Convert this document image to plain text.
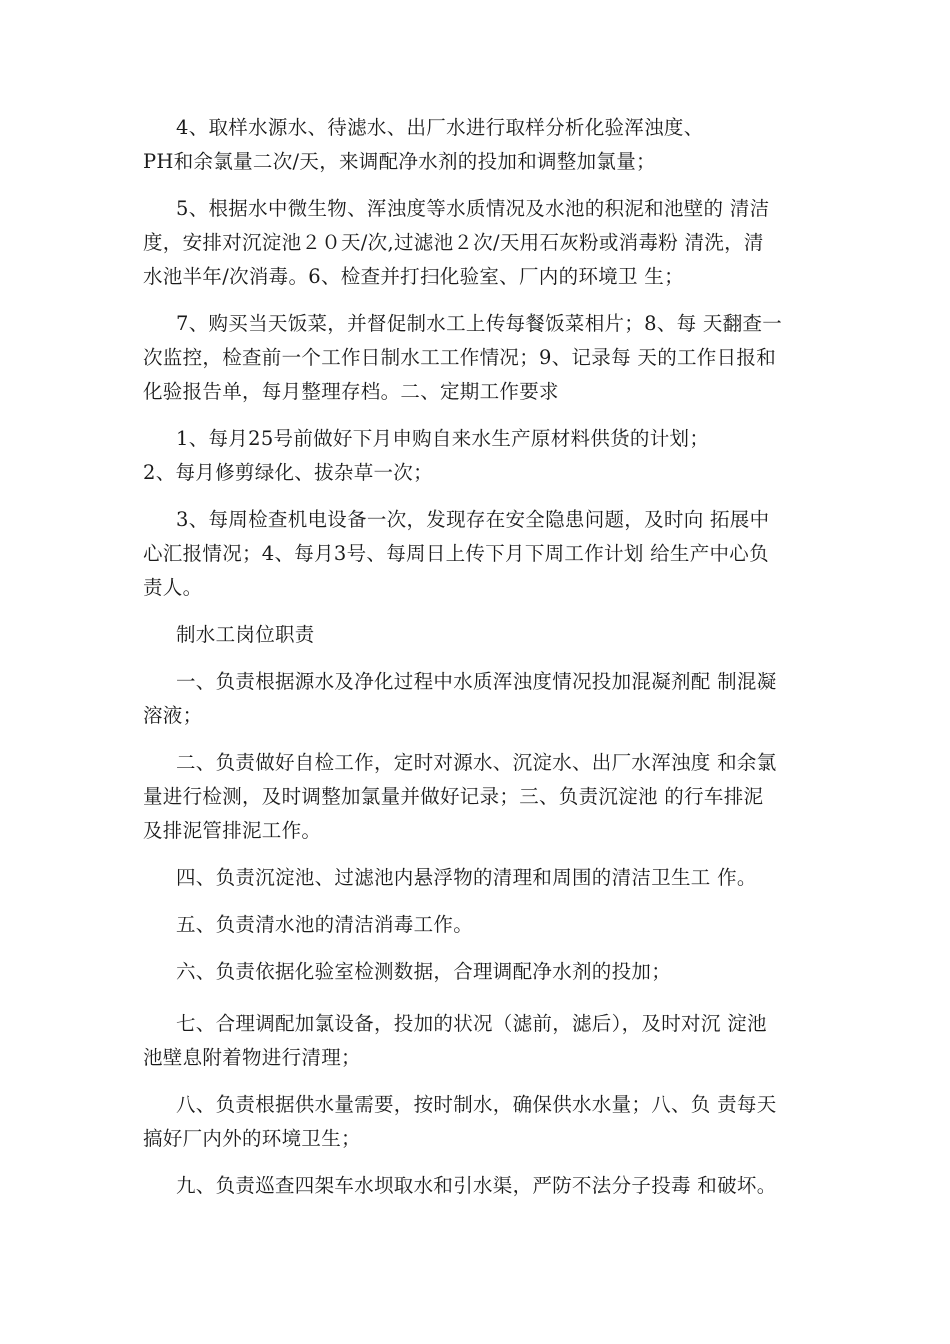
4、取样水源水、待滤水、出厂水进行取样分析化验浑浊度、
PH和余氯量二次/天，来调配净水剂的投加和调整加氯量；
5、根据水中微生物、浑浊度等水质情况及水池的积泥和池壁的 清洁
度，安排对沉淀池２０天/次,过滤池２次/天用石灰粉或消毒粉 清洗，清
水池半年/次消毒。6、检查并打扫化验室、厂内的环境卫 生；
7、购买当天饭菜，并督促制水工上传每餐饭菜相片；8、每 天翻查一
次监控，检查前一个工作日制水工工作情况；9、记录每 天的工作日报和
化验报告单，每月整理存档。二、定期工作要求
1、每月25号前做好下月申购自来水生产原材料供货的计划；
2、每月修剪绿化、拔杂草一次；
3、每周检查机电设备一次，发现存在安全隐患问题，及时向 拓展中
心汇报情况；4、每月3号、每周日上传下月下周工作计划 给生产中心负
责人。
制水工岗位职责
一、负责根据源水及净化过程中水质浑浊度情况投加混凝剂配 制混凝
溶液；
二、负责做好自检工作，定时对源水、沉淀水、出厂水浑浊度 和余氯
量进行检测，及时调整加氯量并做好记录；三、负责沉淀池 的行车排泥
及排泥管排泥工作。
四、负责沉淀池、过滤池内悬浮物的清理和周围的清洁卫生工 作。
五、负责清水池的清洁消毒工作。
六、负责依据化验室检测数据，合理调配净水剂的投加；
七、合理调配加氯设备，投加的状况（滤前，滤后），及时对沉 淀池
池壁息附着物进行清理；
八、负责根据供水量需要，按时制水，确保供水水量；八、负 责每天
搞好厂内外的环境卫生；
九、负责巡查四架车水坝取水和引水渠，严防不法分子投毒 和破坏。
